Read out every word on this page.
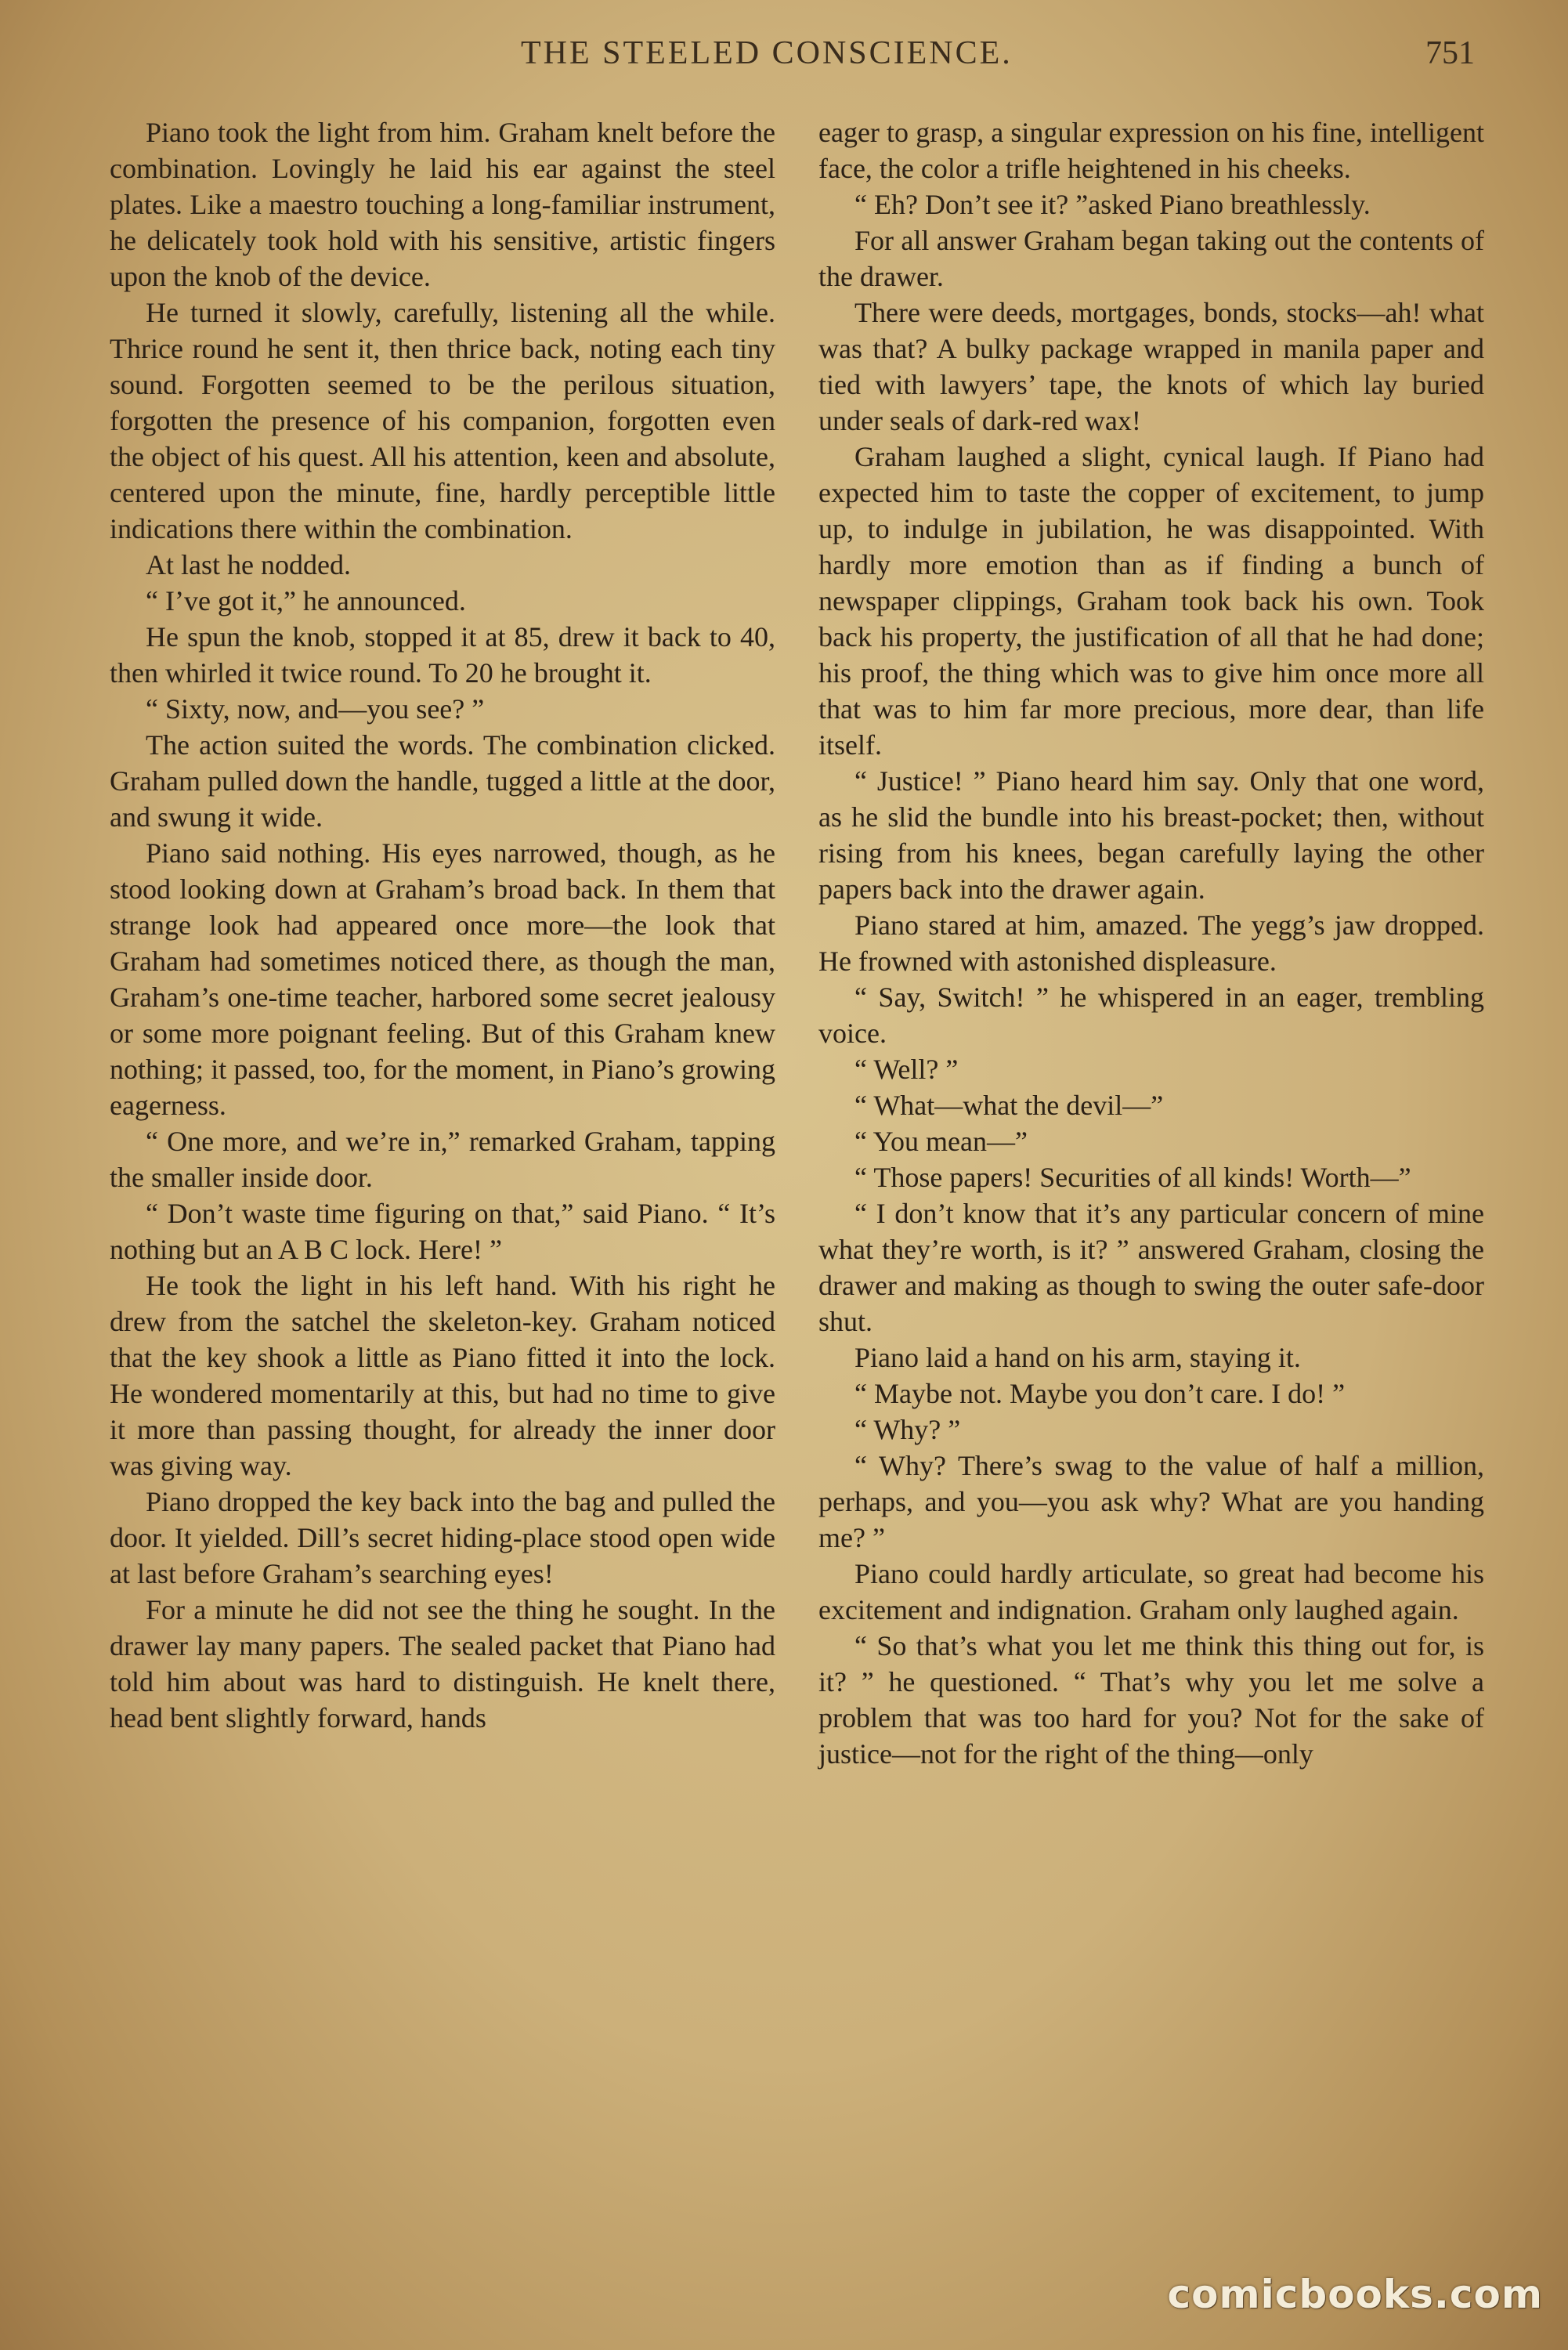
THE STEELED CONSCIENCE.	751

Piano took the light from him. Graham knelt before the combination. Lovingly he laid his ear against the steel plates. Like a maestro touching a long-familiar instrument, he delicately took hold with his sensitive, artistic fingers upon the knob of the device.

He turned it slowly, carefully, listening all the while. Thrice round he sent it, then thrice back, noting each tiny sound. Forgotten seemed to be the perilous situation, forgotten the presence of his companion, forgotten even the object of his quest. All his attention, keen and absolute, centered upon the minute, fine, hardly perceptible little indications there within the combination.

At last he nodded.

“ I’ve got it,” he announced.

He spun the knob, stopped it at 85, drew it back to 40, then whirled it twice round. To 20 he brought it.

“ Sixty, now, and—you see? ”

The action suited the words. The combination clicked. Graham pulled down the handle, tugged a little at the door, and swung it wide.

Piano said nothing. His eyes narrowed, though, as he stood looking down at Graham’s broad back. In them that strange look had appeared once more—the look that Graham had sometimes noticed there, as though the man, Graham’s one-time teacher, harbored some secret jealousy or some more poignant feeling. But of this Graham knew nothing; it passed, too, for the moment, in Piano’s growing eagerness.

“ One more, and we’re in,” remarked Graham, tapping the smaller inside door.

“ Don’t waste time figuring on that,” said Piano. “ It’s nothing but an A B C lock. Here! ”

He took the light in his left hand. With his right he drew from the satchel the skeleton-key. Graham noticed that the key shook a little as Piano fitted it into the lock. He wondered momentarily at this, but had no time to give it more than passing thought, for already the inner door was giving way.

Piano dropped the key back into the bag and pulled the door. It yielded. Dill’s secret hiding-place stood open wide at last before Graham’s searching eyes!

For a minute he did not see the thing he sought. In the drawer lay many papers. The sealed packet that Piano had told him about was hard to distinguish. He knelt there, head bent slightly forward, hands

eager to grasp, a singular expression on his fine, intelligent face, the color a trifle heightened in his cheeks.

“ Eh? Don’t see it? ”asked Piano breathlessly.

For all answer Graham began taking out the contents of the drawer.

There were deeds, mortgages, bonds, stocks—ah! what was that? A bulky package wrapped in manila paper and tied with lawyers’ tape, the knots of which lay buried under seals of dark-red wax!

Graham laughed a slight, cynical laugh. If Piano had expected him to taste the copper of excitement, to jump up, to indulge in jubilation, he was disappointed. With hardly more emotion than as if finding a bunch of newspaper clippings, Graham took back his own. Took back his property, the justification of all that he had done; his proof, the thing which was to give him once more all that was to him far more precious, more dear, than life itself.

“ Justice! ” Piano heard him say. Only that one word, as he slid the bundle into his breast-pocket; then, without rising from his knees, began carefully laying the other papers back into the drawer again.

Piano stared at him, amazed. The yegg’s jaw dropped. He frowned with astonished displeasure.

“ Say, Switch! ” he whispered in an eager, trembling voice.

“ Well? ”

“ What—what the devil—”

“ You mean—”

“ Those papers! Securities of all kinds! Worth—”

“ I don’t know that it’s any particular concern of mine what they’re worth, is it? ” answered Graham, closing the drawer and making as though to swing the outer safe-door shut.

Piano laid a hand on his arm, staying it.

“ Maybe not. Maybe you don’t care. I do! ”

“ Why? ”

“ Why? There’s swag to the value of half a million, perhaps, and you—you ask why? What are you handing me? ”

Piano could hardly articulate, so great had become his excitement and indignation. Graham only laughed again.

“ So that’s what you let me think this thing out for, is it? ” he questioned. “ That’s why you let me solve a problem that was too hard for you? Not for the sake of justice—not for the right of the thing—only

comicbooks.com
